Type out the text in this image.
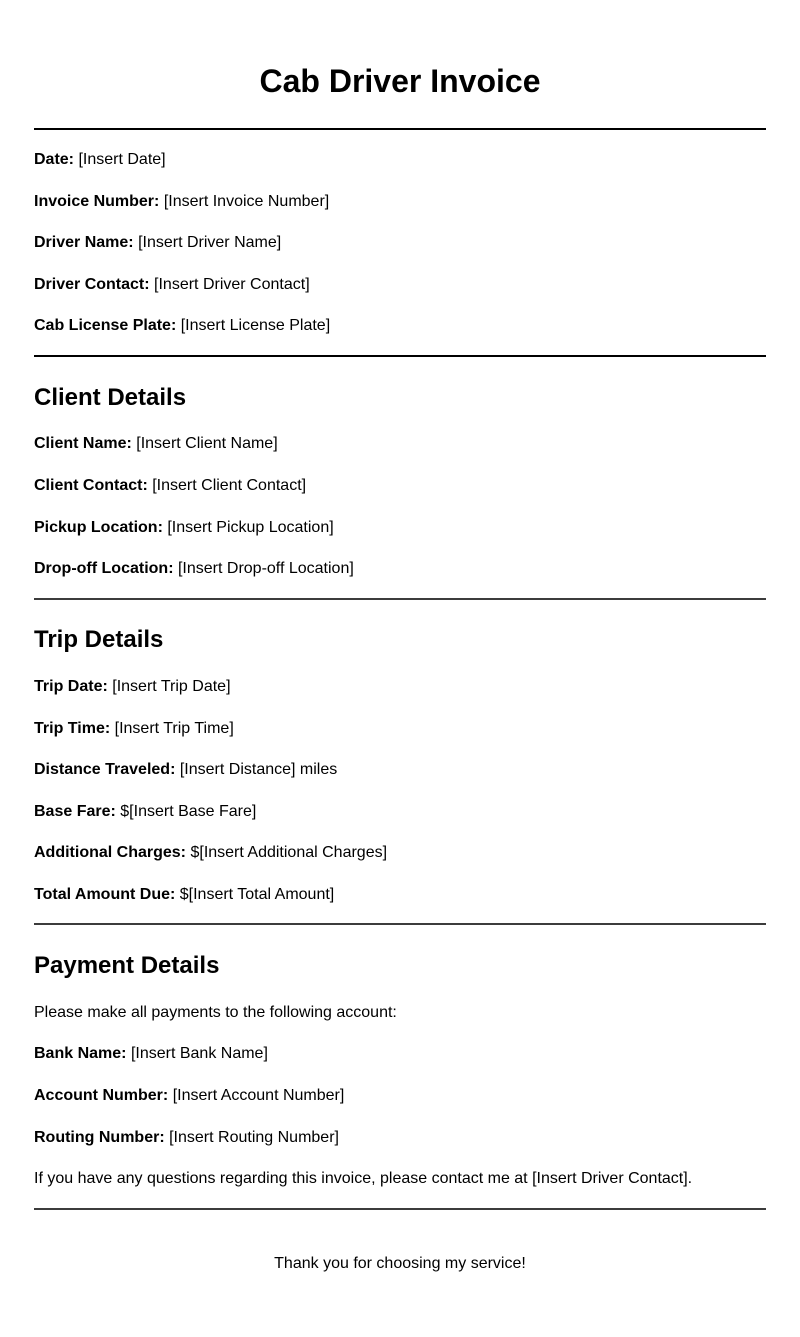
Cab Driver Invoice
Date: [Insert Date]
Invoice Number: [Insert Invoice Number]
Driver Name: [Insert Driver Name]
Driver Contact: [Insert Driver Contact]
Cab License Plate: [Insert License Plate]
Client Details
Client Name: [Insert Client Name]
Client Contact: [Insert Client Contact]
Pickup Location: [Insert Pickup Location]
Drop-off Location: [Insert Drop-off Location]
Trip Details
Trip Date: [Insert Trip Date]
Trip Time: [Insert Trip Time]
Distance Traveled: [Insert Distance] miles
Base Fare: $[Insert Base Fare]
Additional Charges: $[Insert Additional Charges]
Total Amount Due: $[Insert Total Amount]
Payment Details
Please make all payments to the following account:
Bank Name: [Insert Bank Name]
Account Number: [Insert Account Number]
Routing Number: [Insert Routing Number]
If you have any questions regarding this invoice, please contact me at [Insert Driver Contact].
Thank you for choosing my service!
